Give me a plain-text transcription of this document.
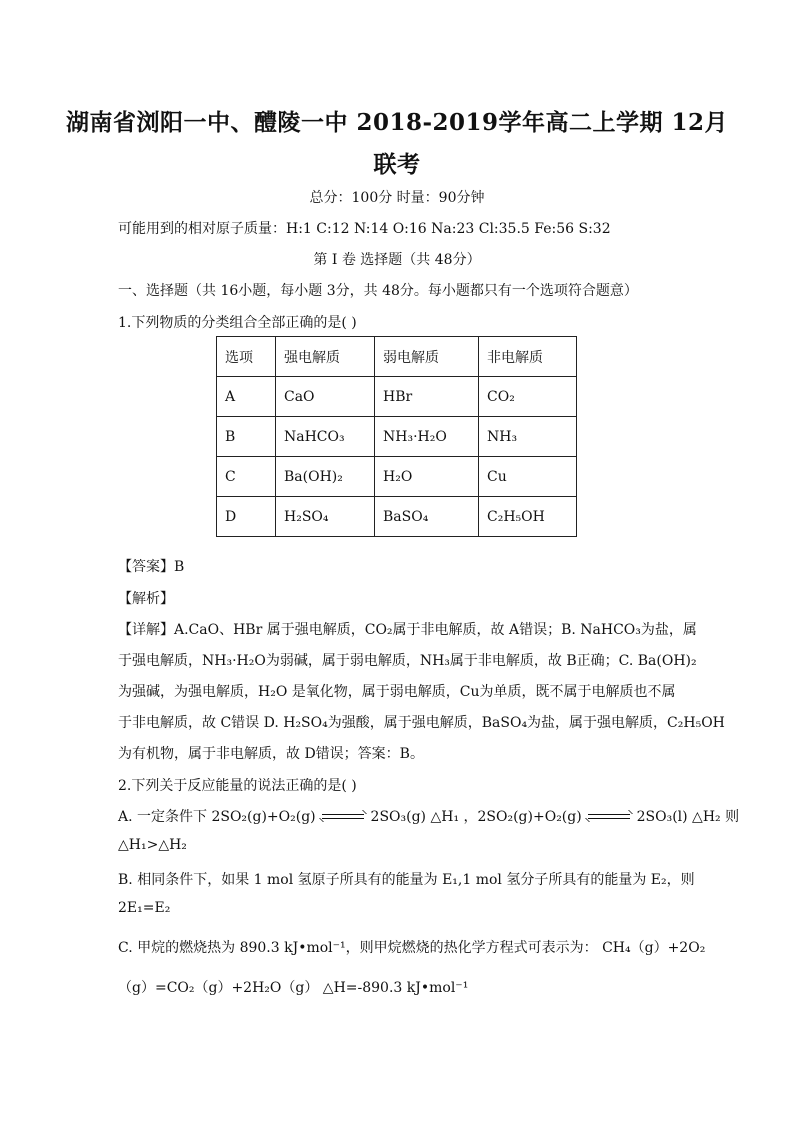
湖南省浏阳一中、醴陵一中 2018-2019学年高二上学期 12月
联考
总分：100分 时量：90分钟
可能用到的相对原子质量：H:1 C:12 N:14 O:16 Na:23 Cl:35.5 Fe:56 S:32
第 I 卷 选择题（共 48分）
一、选择题（共 16小题，每小题 3分，共 48分。每小题都只有一个选项符合题意）
1.下列物质的分类组合全部正确的是( )
选项	强电解质	弱电解质	非电解质
A	CaO	HBr	CO₂
B	NaHCO₃	NH₃·H₂O	NH₃
C	Ba(OH)₂	H₂O	Cu
D	H₂SO₄	BaSO₄	C₂H₅OH
【答案】B
【解析】
【详解】A.CaO、HBr 属于强电解质，CO₂属于非电解质，故 A错误；B. NaHCO₃为盐，属
于强电解质，NH₃·H₂O为弱碱，属于弱电解质，NH₃属于非电解质，故 B正确；C. Ba(OH)₂
为强碱，为强电解质，H₂O 是氧化物，属于弱电解质，Cu为单质，既不属于电解质也不属
于非电解质，故 C错误 D. H₂SO₄为强酸，属于强电解质，BaSO₄为盐，属于强电解质，C₂H₅OH
为有机物，属于非电解质，故 D错误；答案：B。
2.下列关于反应能量的说法正确的是( )
A. 一定条件下 2SO₂(g)+O₂(g)	2SO₃(g) △H₁ ，2SO₂(g)+O₂(g)	2SO₃(l) △H₂ 则
△H₁>△H₂
B. 相同条件下，如果 1 mol 氢原子所具有的能量为 E₁,1 mol 氢分子所具有的能量为 E₂，则
2E₁=E₂
C. 甲烷的燃烧热为 890.3 kJ•mol⁻¹，则甲烷燃烧的热化学方程式可表示为： CH₄（g）+2O₂
（g）=CO₂（g）+2H₂O（g） △H=-890.3 kJ•mol⁻¹
